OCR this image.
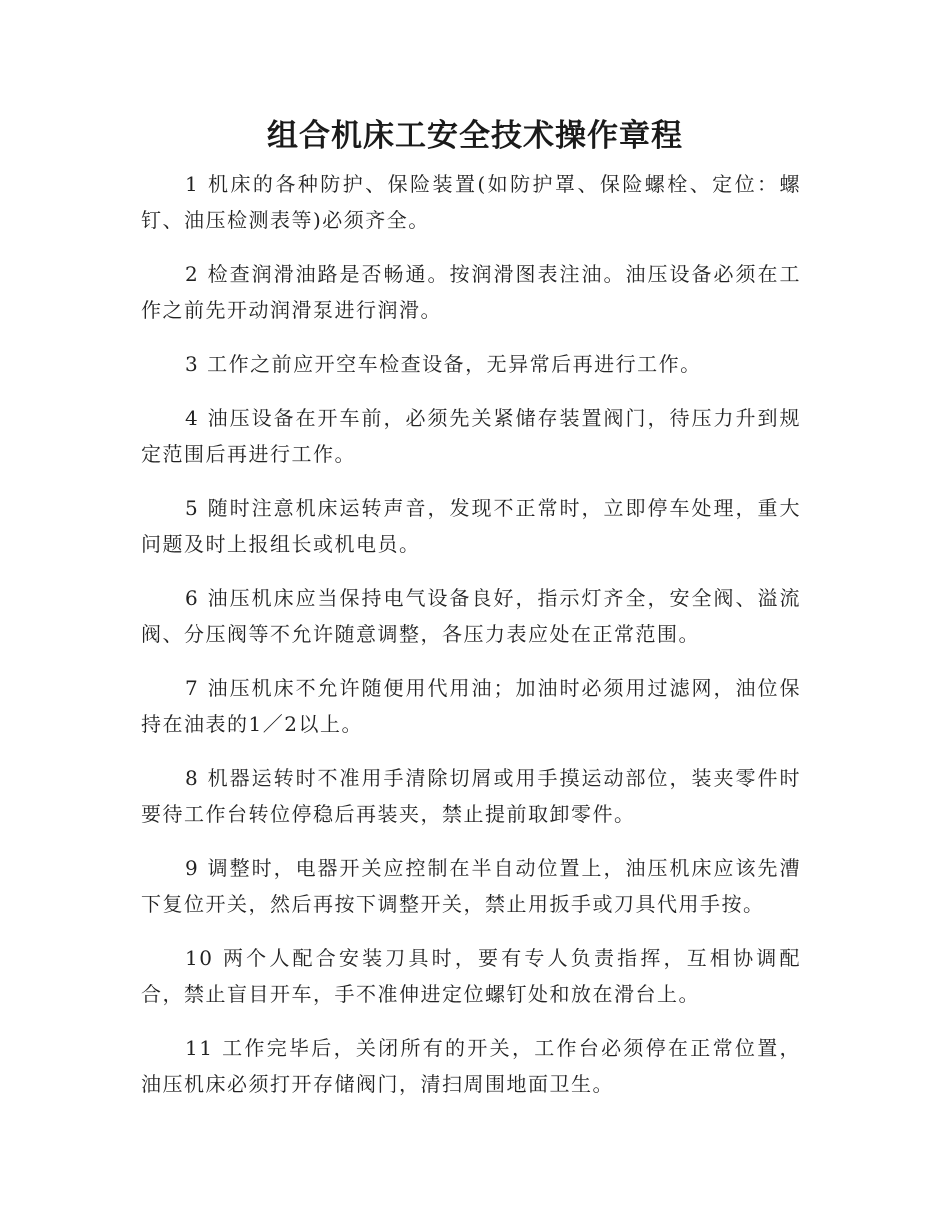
组合机床工安全技术操作章程

1 机床的各种防护、保险装置(如防护罩、保险螺栓、定位：螺钉、油压检测表等)必须齐全。

2 检查润滑油路是否畅通。按润滑图表注油。油压设备必须在工作之前先开动润滑泵进行润滑。

3 工作之前应开空车检查设备，无异常后再进行工作。

4 油压设备在开车前，必须先关紧储存装置阀门，待压力升到规定范围后再进行工作。

5 随时注意机床运转声音，发现不正常时，立即停车处理，重大问题及时上报组长或机电员。

6 油压机床应当保持电气设备良好，指示灯齐全，安全阀、溢流阀、分压阀等不允许随意调整，各压力表应处在正常范围。

7 油压机床不允许随便用代用油；加油时必须用过滤网，油位保持在油表的1／2以上。

8 机器运转时不准用手清除切屑或用手摸运动部位，装夹零件时要待工作台转位停稳后再装夹，禁止提前取卸零件。

9 调整时，电器开关应控制在半自动位置上，油压机床应该先漕下复位开关，然后再按下调整开关，禁止用扳手或刀具代用手按。

10 两个人配合安装刀具时，要有专人负责指挥，互相协调配合，禁止盲目开车，手不准伸进定位螺钉处和放在滑台上。

11 工作完毕后，关闭所有的开关，工作台必须停在正常位置，油压机床必须打开存储阀门，清扫周围地面卫生。
